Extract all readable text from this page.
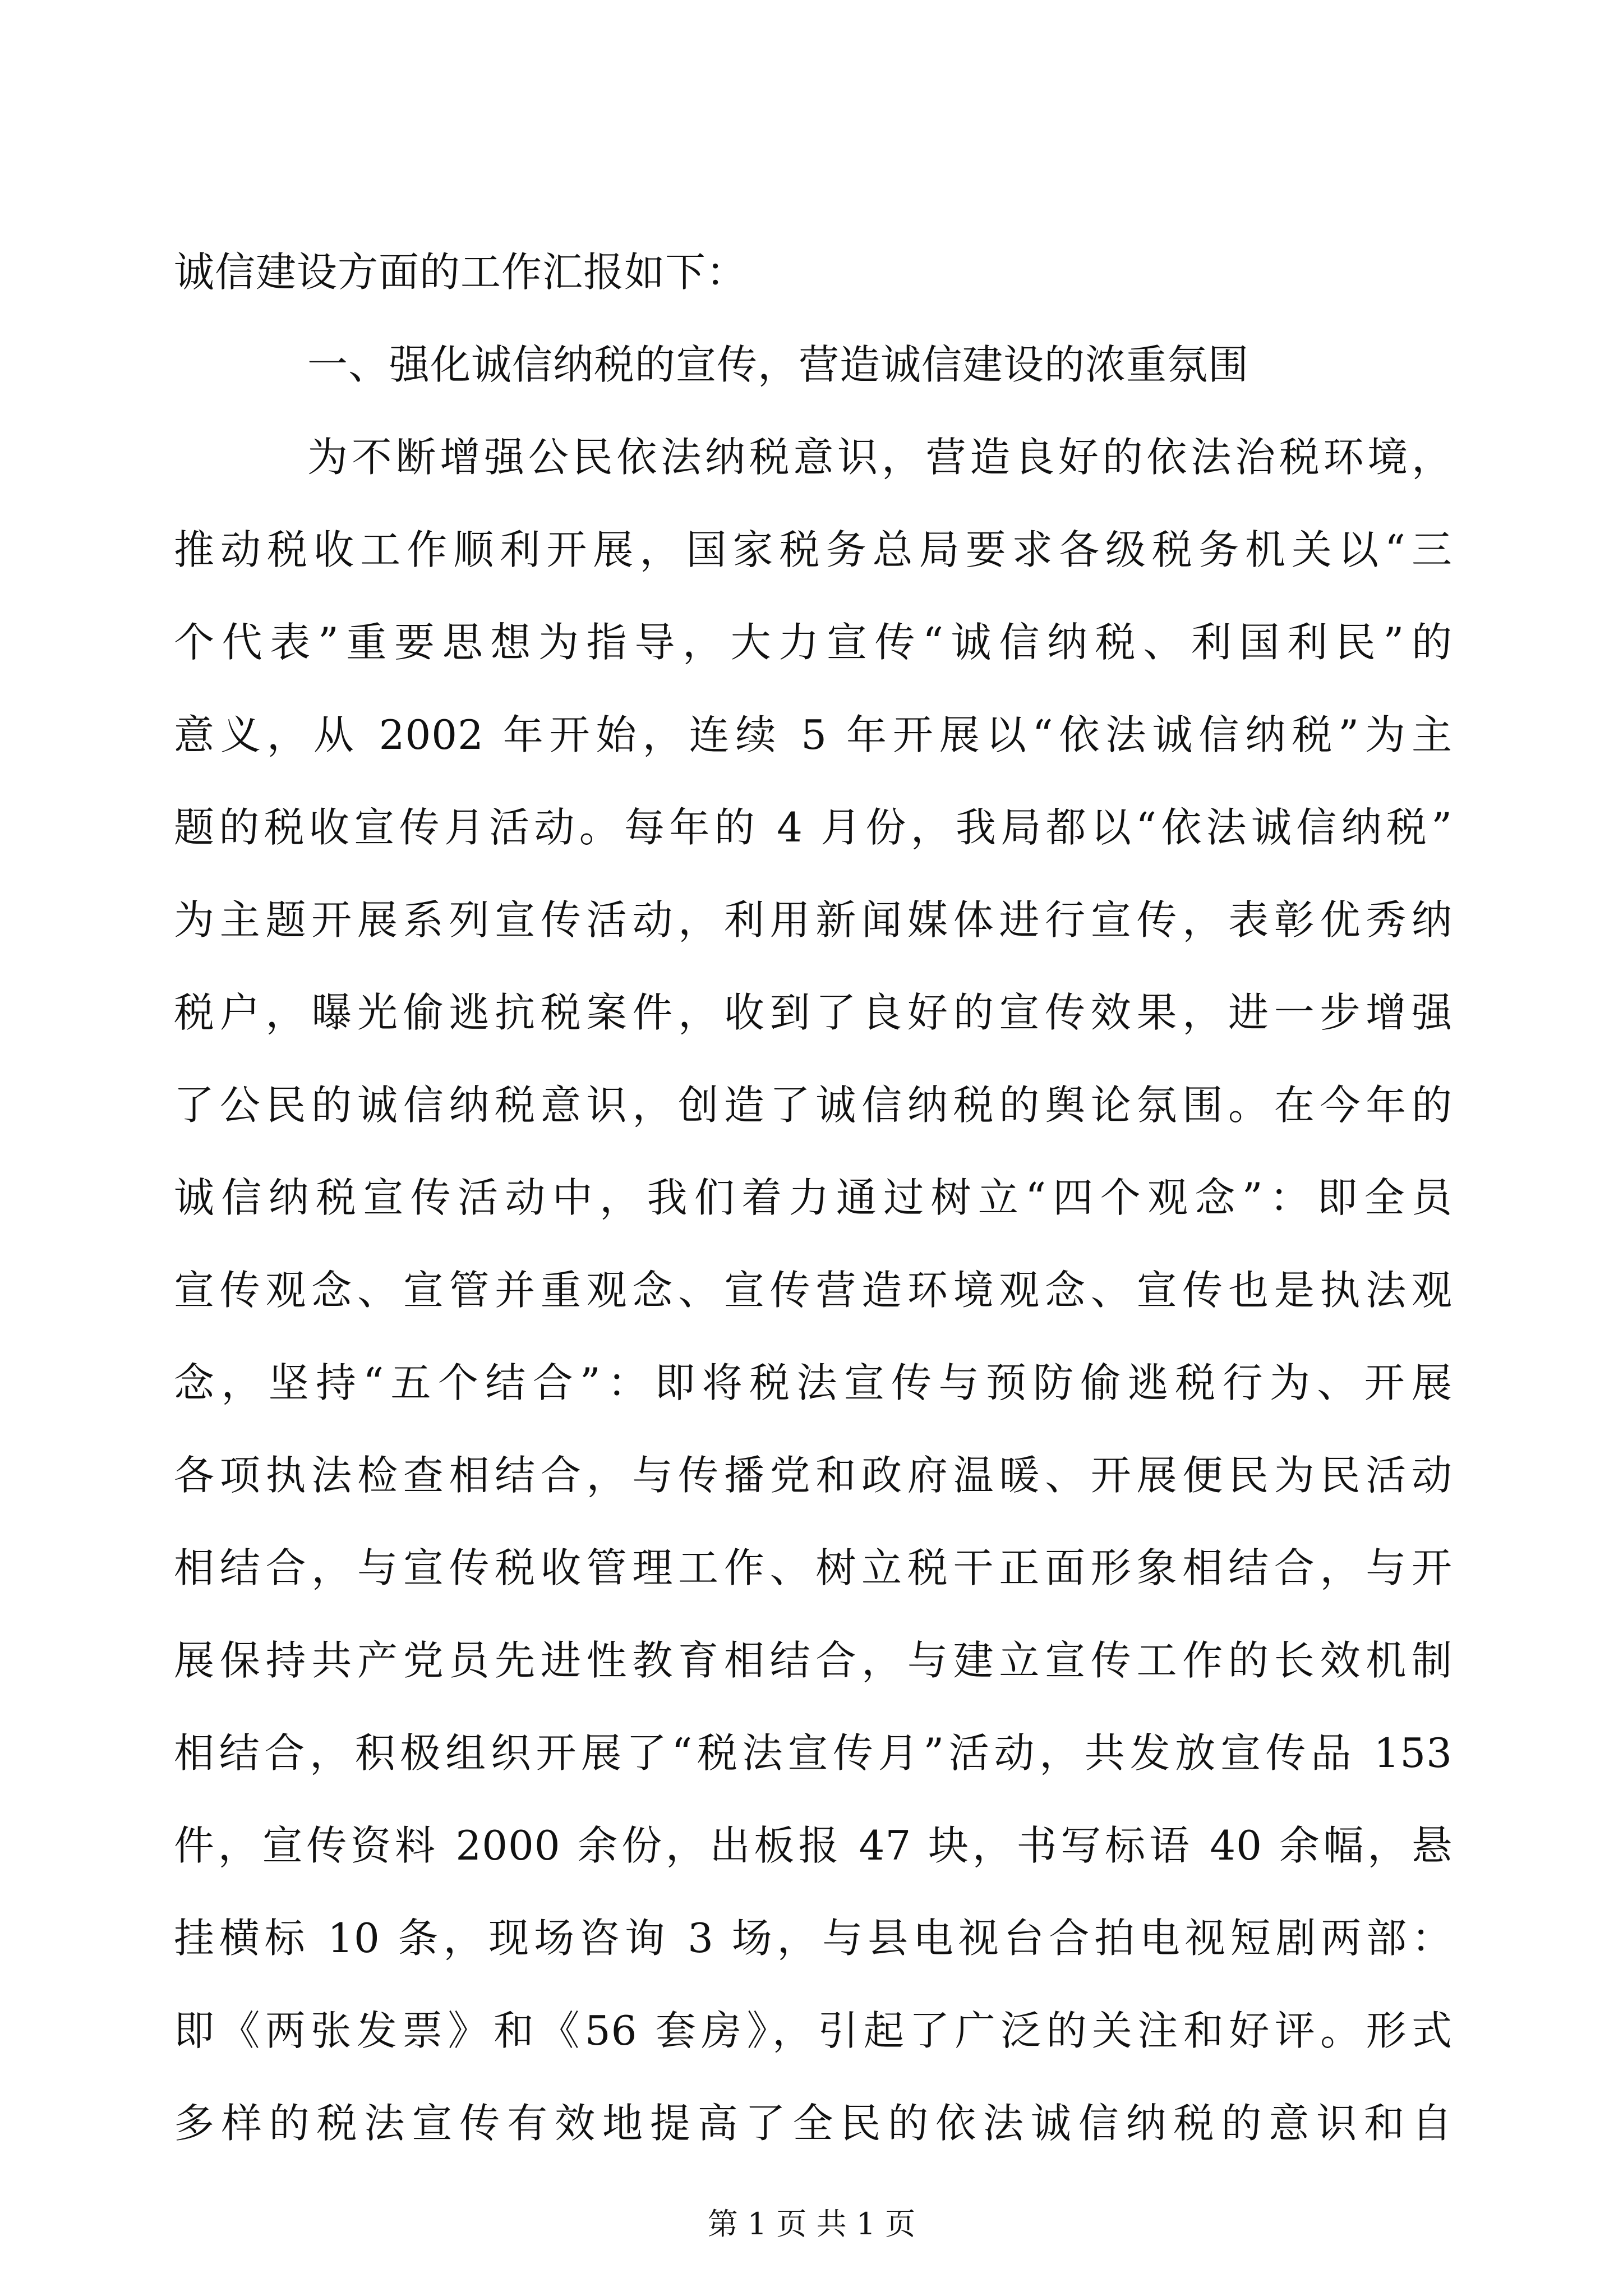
诚信建设方面的工作汇报如下：
一、强化诚信纳税的宣传，营造诚信建设的浓重氛围
为不断增强公民依法纳税意识，营造良好的依法治税环境，
推动税收工作顺利开展，国家税务总局要求各级税务机关以“三
个代表”重要思想为指导，大力宣传“诚信纳税、利国利民”的
意义，从 2002 年开始，连续 5 年开展以“依法诚信纳税”为主
题的税收宣传月活动。每年的 4 月份，我局都以“依法诚信纳税”
为主题开展系列宣传活动，利用新闻媒体进行宣传，表彰优秀纳
税户，曝光偷逃抗税案件，收到了良好的宣传效果，进一步增强
了公民的诚信纳税意识，创造了诚信纳税的舆论氛围。在今年的
诚信纳税宣传活动中，我们着力通过树立“四个观念”：即全员
宣传观念、宣管并重观念、宣传营造环境观念、宣传也是执法观
念，坚持“五个结合”：即将税法宣传与预防偷逃税行为、开展
各项执法检查相结合，与传播党和政府温暖、开展便民为民活动
相结合，与宣传税收管理工作、树立税干正面形象相结合，与开
展保持共产党员先进性教育相结合，与建立宣传工作的长效机制
相结合，积极组织开展了“税法宣传月”活动，共发放宣传品 153
件，宣传资料 2000 余份，出板报 47 块，书写标语 40 余幅，悬
挂横标 10 条，现场咨询 3 场，与县电视台合拍电视短剧两部：
即《两张发票》和《56 套房》，引起了广泛的关注和好评。形式
多样的税法宣传有效地提高了全民的依法诚信纳税的意识和自
第 1 页 共 1 页
